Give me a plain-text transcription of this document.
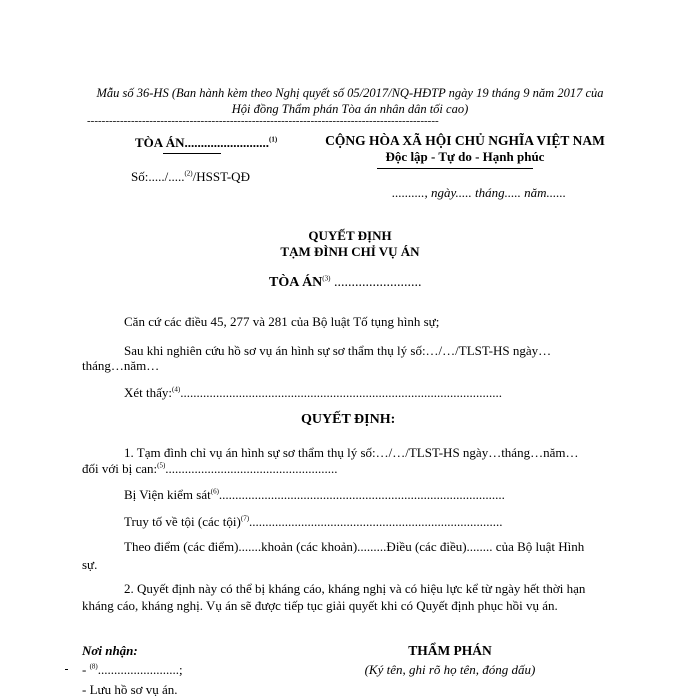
Mẫu số 36-HS (Ban hành kèm theo Nghị quyết số 05/2017/NQ-HĐTP ngày 19 tháng 9 năm 2017 của
Hội đồng Thẩm phán Tòa án nhân dân tối cao)
------------------------------------------------------------------------------------------------
TÒA ÁN..........................$^{(1)}$
Số:...../.....$^{(2)}$/HSST-QĐ
CỘNG HÒA XÃ HỘI CHỦ NGHĨA VIỆT NAM
Độc lập - Tự do - Hạnh phúc
.........., ngày..... tháng..... năm......
QUYẾT ĐỊNH
TẠM ĐÌNH CHỈ VỤ ÁN
TÒA ÁN$^{(3)}$ .........................
Căn cứ các điều 45, 277 và 281 của Bộ luật Tố tụng hình sự;
Sau khi nghiên cứu hồ sơ vụ án hình sự sơ thẩm thụ lý số:…/…/TLST-HS ngày…
tháng…năm…
Xét thấy:$^{(4)}$...................................................................................................
QUYẾT ĐỊNH:
1. Tạm đình chỉ vụ án hình sự sơ thẩm thụ lý số:…/…/TLST-HS ngày…tháng…năm…
đối với bị can:$^{(5)}$.....................................................
Bị Viện kiểm sát$^{(6)}$........................................................................................
Truy tố về tội (các tội)$^{(7)}$..............................................................................
Theo điểm (các điểm).......khoản (các khoản).........Điều (các điều)........ của Bộ luật Hình
sự.
2. Quyết định này có thể bị kháng cáo, kháng nghị và có hiệu lực kể từ ngày hết thời hạn
kháng cáo, kháng nghị. Vụ án sẽ được tiếp tục giải quyết khi có Quyết định phục hồi vụ án.
Nơi nhận:
- $^{(8)}$.........................;
- Lưu hồ sơ vụ án.
THẨM PHÁN
(Ký tên, ghi rõ họ tên, đóng dấu)
